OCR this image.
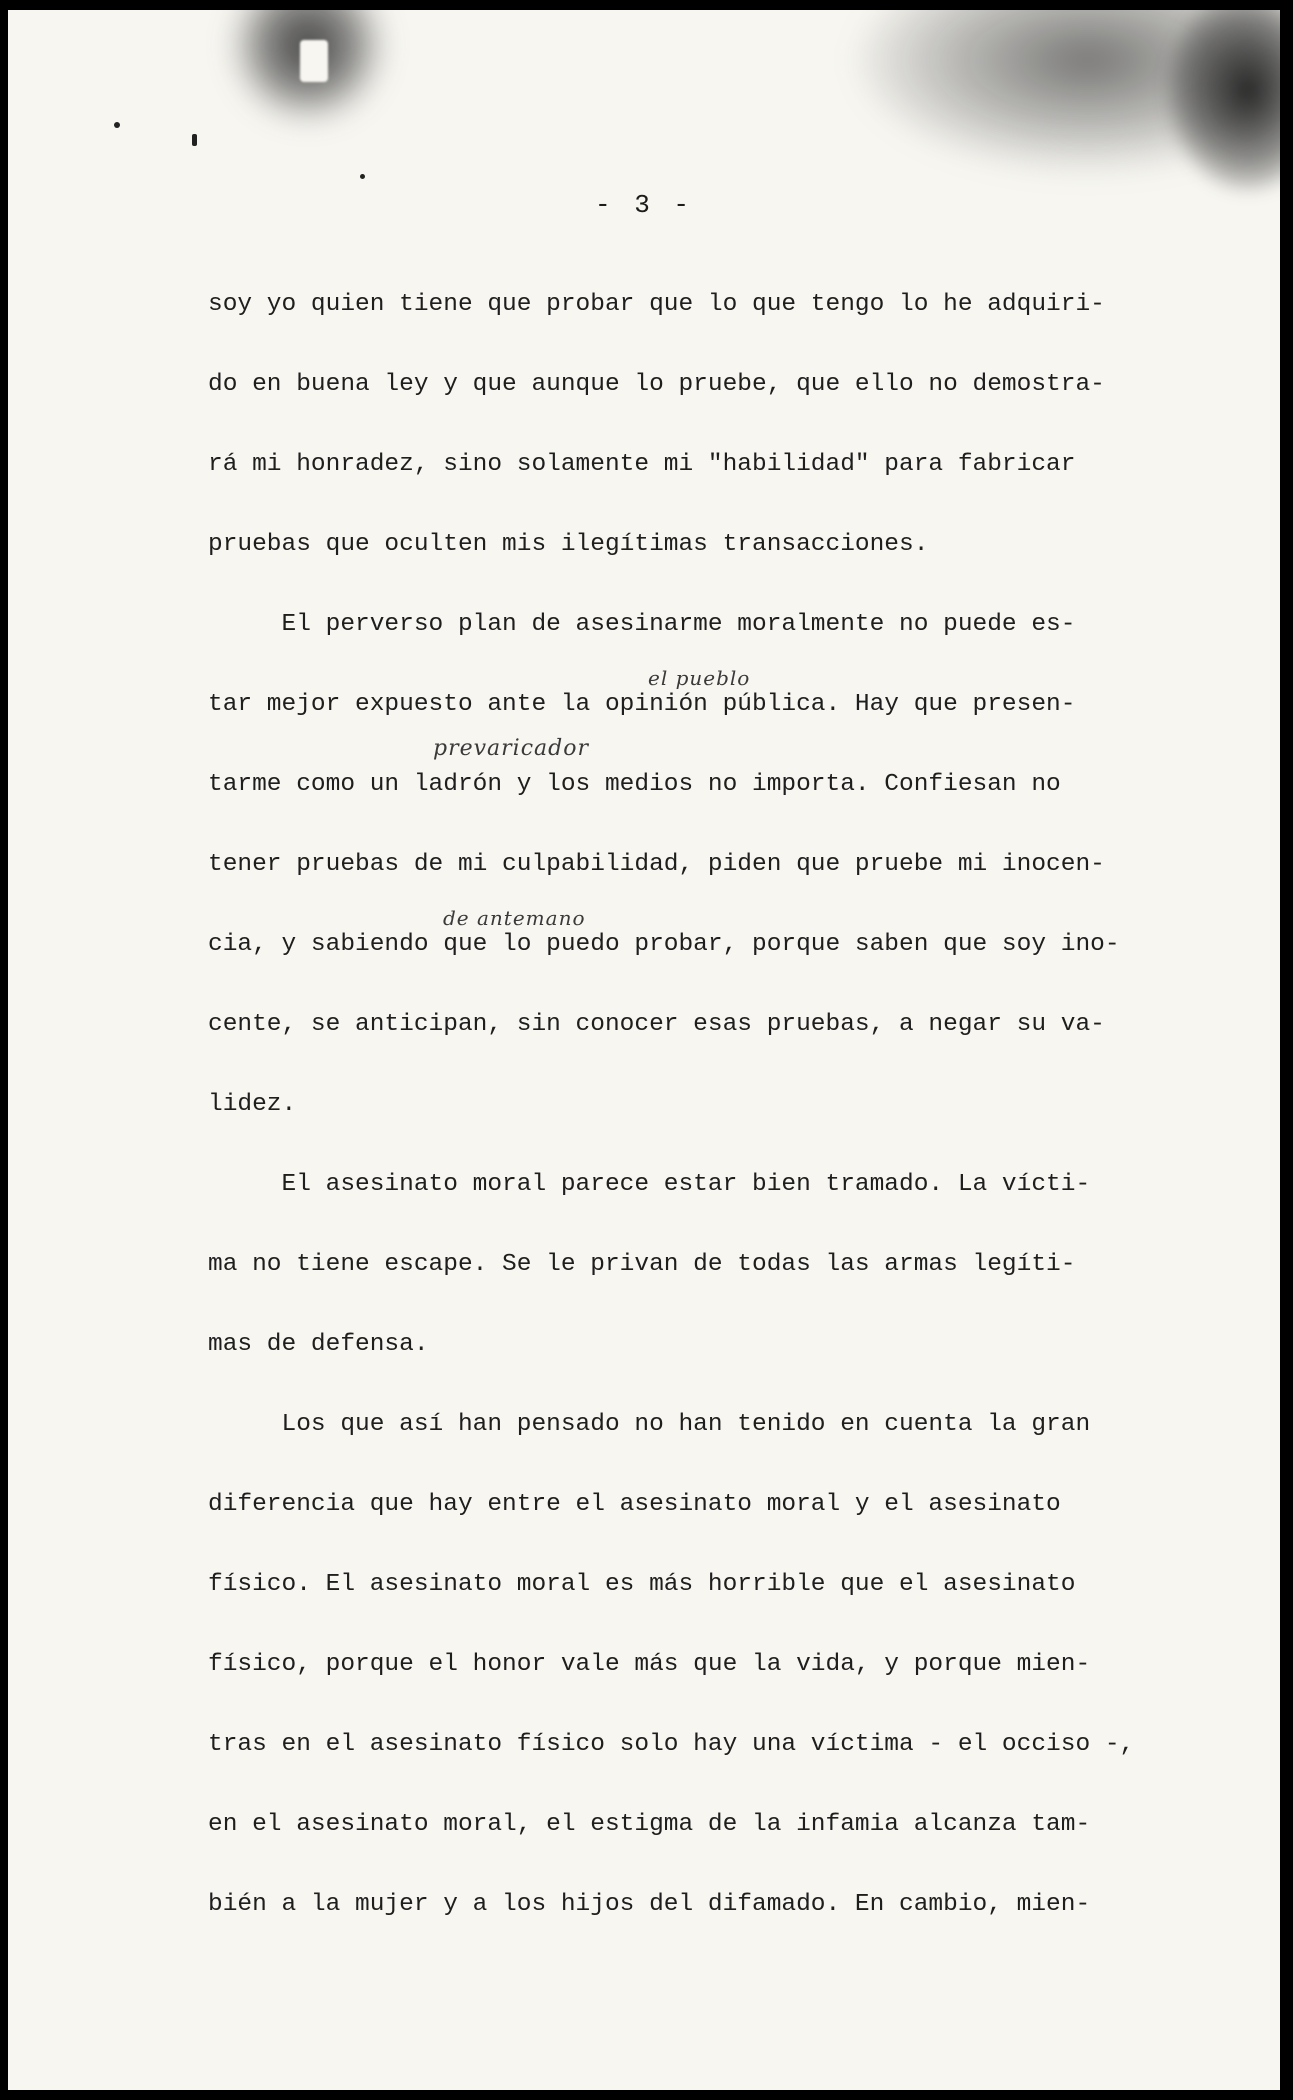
- 3 -
soy yo quien tiene que probar que lo que tengo lo he adquiri-
do en buena ley y que aunque lo pruebe, que ello no demostra-
rá mi honradez, sino solamente mi "habilidad" para fabricar
pruebas que oculten mis ilegítimas transacciones.
El perverso plan de asesinarme moralmente no puede es-
tar mejor expuesto ante la opinión pública. Hay que presen-
tarme como un ladrón y los medios no importa. Confiesan no
tener pruebas de mi culpabilidad, piden que pruebe mi inocen-
cia, y sabiendo que lo puedo probar, porque saben que soy ino-
cente, se anticipan, sin conocer esas pruebas, a negar su va-
lidez.
El asesinato moral parece estar bien tramado. La vícti-
ma no tiene escape. Se le privan de todas las armas legíti-
mas de defensa.
Los que así han pensado no han tenido en cuenta la gran
diferencia que hay entre el asesinato moral y el asesinato
físico. El asesinato moral es más horrible que el asesinato
físico, porque el honor vale más que la vida, y porque mien-
tras en el asesinato físico solo hay una víctima - el occiso -,
en el asesinato moral, el estigma de la infamia alcanza tam-
bién a la mujer y a los hijos del difamado. En cambio, mien-
el pueblo
prevaricador
de antemano
